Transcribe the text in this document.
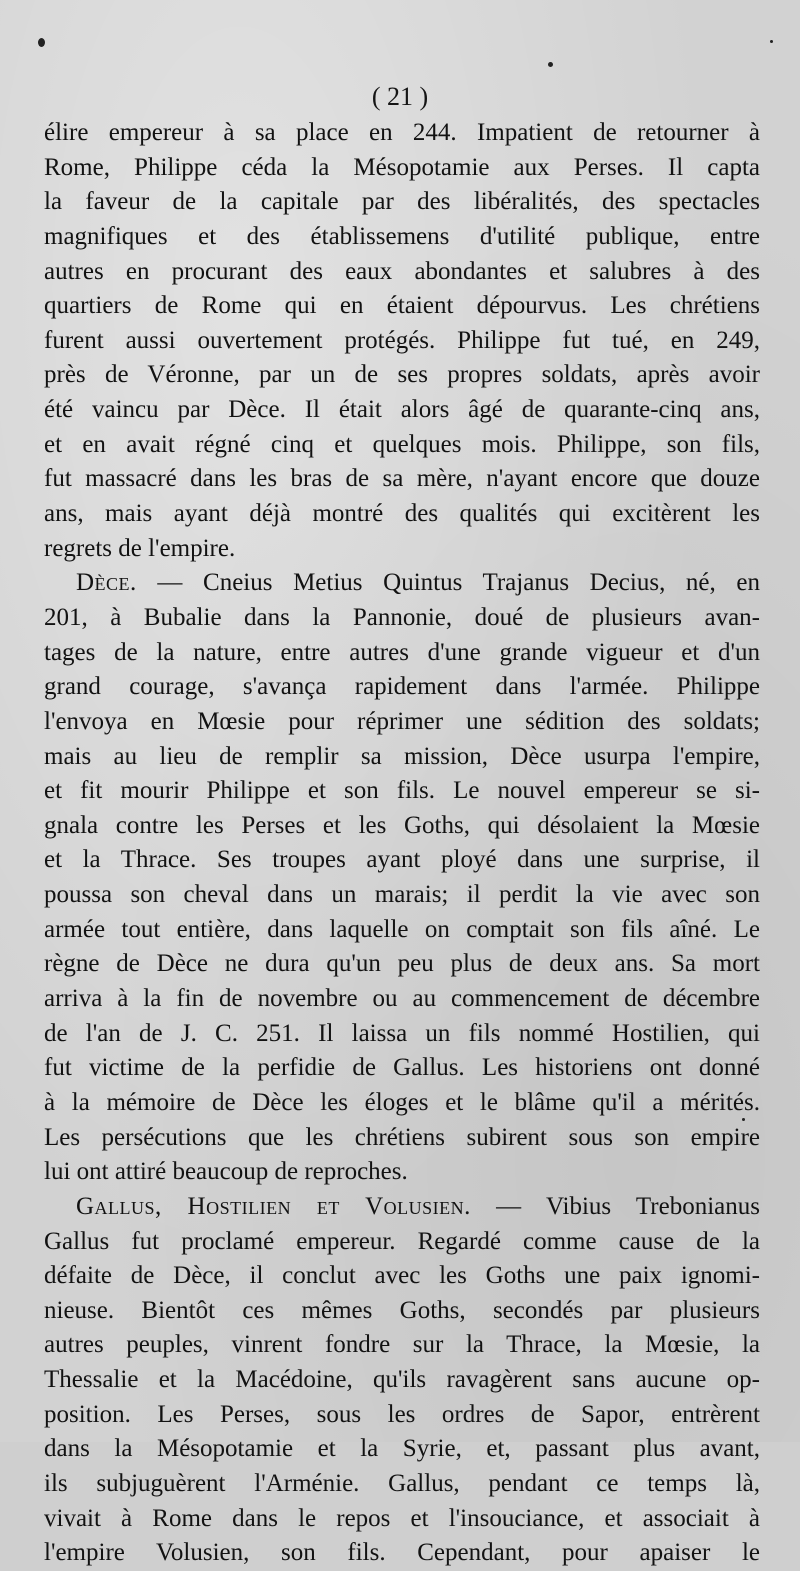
( 21 )
élire empereur à sa place en 244. Impatient de retourner à
Rome, Philippe céda la Mésopotamie aux Perses. Il capta
la faveur de la capitale par des libéralités, des spectacles
magnifiques et des établissemens d'utilité publique, entre
autres en procurant des eaux abondantes et salubres à des
quartiers de Rome qui en étaient dépourvus. Les chrétiens
furent aussi ouvertement protégés. Philippe fut tué, en 249,
près de Véronne, par un de ses propres soldats, après avoir
été vaincu par Dèce. Il était alors âgé de quarante-cinq ans,
et en avait régné cinq et quelques mois. Philippe, son fils,
fut massacré dans les bras de sa mère, n'ayant encore que douze
ans, mais ayant déjà montré des qualités qui excitèrent les
regrets de l'empire.
Dèce. — Cneius Metius Quintus Trajanus Decius, né, en
201, à Bubalie dans la Pannonie, doué de plusieurs avan-
tages de la nature, entre autres d'une grande vigueur et d'un
grand courage, s'avança rapidement dans l'armée. Philippe
l'envoya en Mœsie pour réprimer une sédition des soldats;
mais au lieu de remplir sa mission, Dèce usurpa l'empire,
et fit mourir Philippe et son fils. Le nouvel empereur se si-
gnala contre les Perses et les Goths, qui désolaient la Mœsie
et la Thrace. Ses troupes ayant ployé dans une surprise, il
poussa son cheval dans un marais; il perdit la vie avec son
armée tout entière, dans laquelle on comptait son fils aîné. Le
règne de Dèce ne dura qu'un peu plus de deux ans. Sa mort
arriva à la fin de novembre ou au commencement de décembre
de l'an de J. C. 251. Il laissa un fils nommé Hostilien, qui
fut victime de la perfidie de Gallus. Les historiens ont donné
à la mémoire de Dèce les éloges et le blâme qu'il a mérités.
Les persécutions que les chrétiens subirent sous son empire
lui ont attiré beaucoup de reproches.
Gallus, Hostilien et Volusien. — Vibius Trebonianus
Gallus fut proclamé empereur. Regardé comme cause de la
défaite de Dèce, il conclut avec les Goths une paix ignomi-
nieuse. Bientôt ces mêmes Goths, secondés par plusieurs
autres peuples, vinrent fondre sur la Thrace, la Mœsie, la
Thessalie et la Macédoine, qu'ils ravagèrent sans aucune op-
position. Les Perses, sous les ordres de Sapor, entrèrent
dans la Mésopotamie et la Syrie, et, passant plus avant,
ils subjuguèrent l'Arménie. Gallus, pendant ce temps là,
vivait à Rome dans le repos et l'insouciance, et associait à
l'empire Volusien, son fils. Cependant, pour apaiser le
